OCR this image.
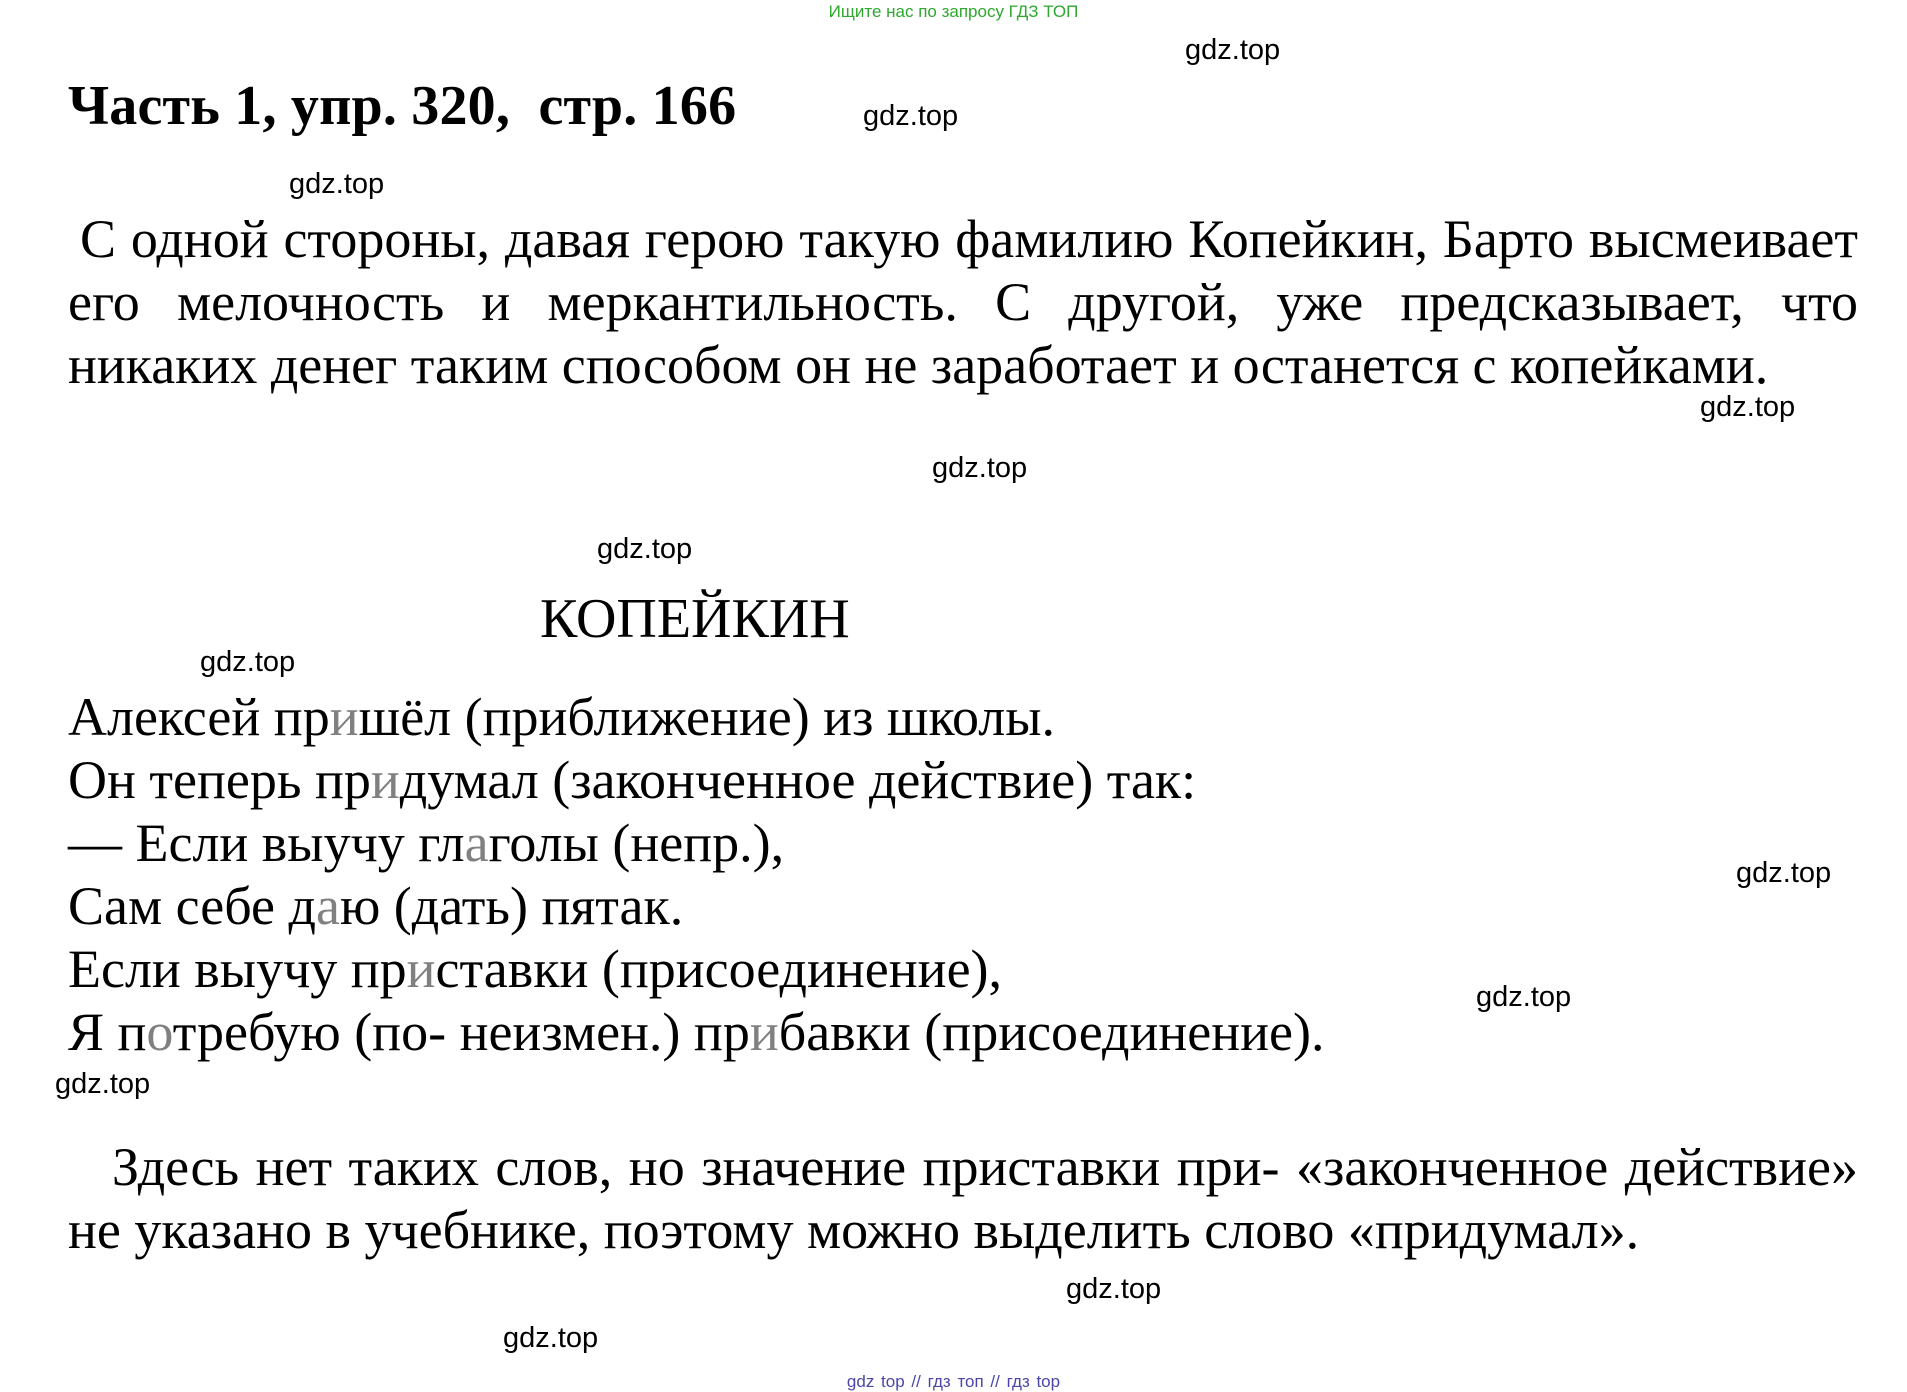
Ищите нас по запросу ГДЗ ТОП
Часть 1, упр. 320,  стр. 166
gdz.top
gdz.top
gdz.top
gdz.top
gdz.top
gdz.top
gdz.top
gdz.top
gdz.top
gdz.top
gdz.top
gdz.top
С одной стороны, давая герою такую фамилию Копейкин, Барто высмеивает его мелочность и меркантильность. С другой, уже предсказывает, что никаких денег таким способом он не заработает и останется с копейками.
КОПЕЙКИН
Алексей пришёл (приближение) из школы.
Он теперь придумал (законченное действие) так:
— Если выучу глаголы (непр.),
Сам себе даю (дать) пятак.
Если выучу приставки (присоединение),
Я потребую (по- неизмен.) прибавки (присоединение).
Здесь нет таких слов, но значение приставки при- «законченное действие» не указано в учебнике, поэтому можно выделить слово «придумал».
gdz top // гдз топ // гдз top
